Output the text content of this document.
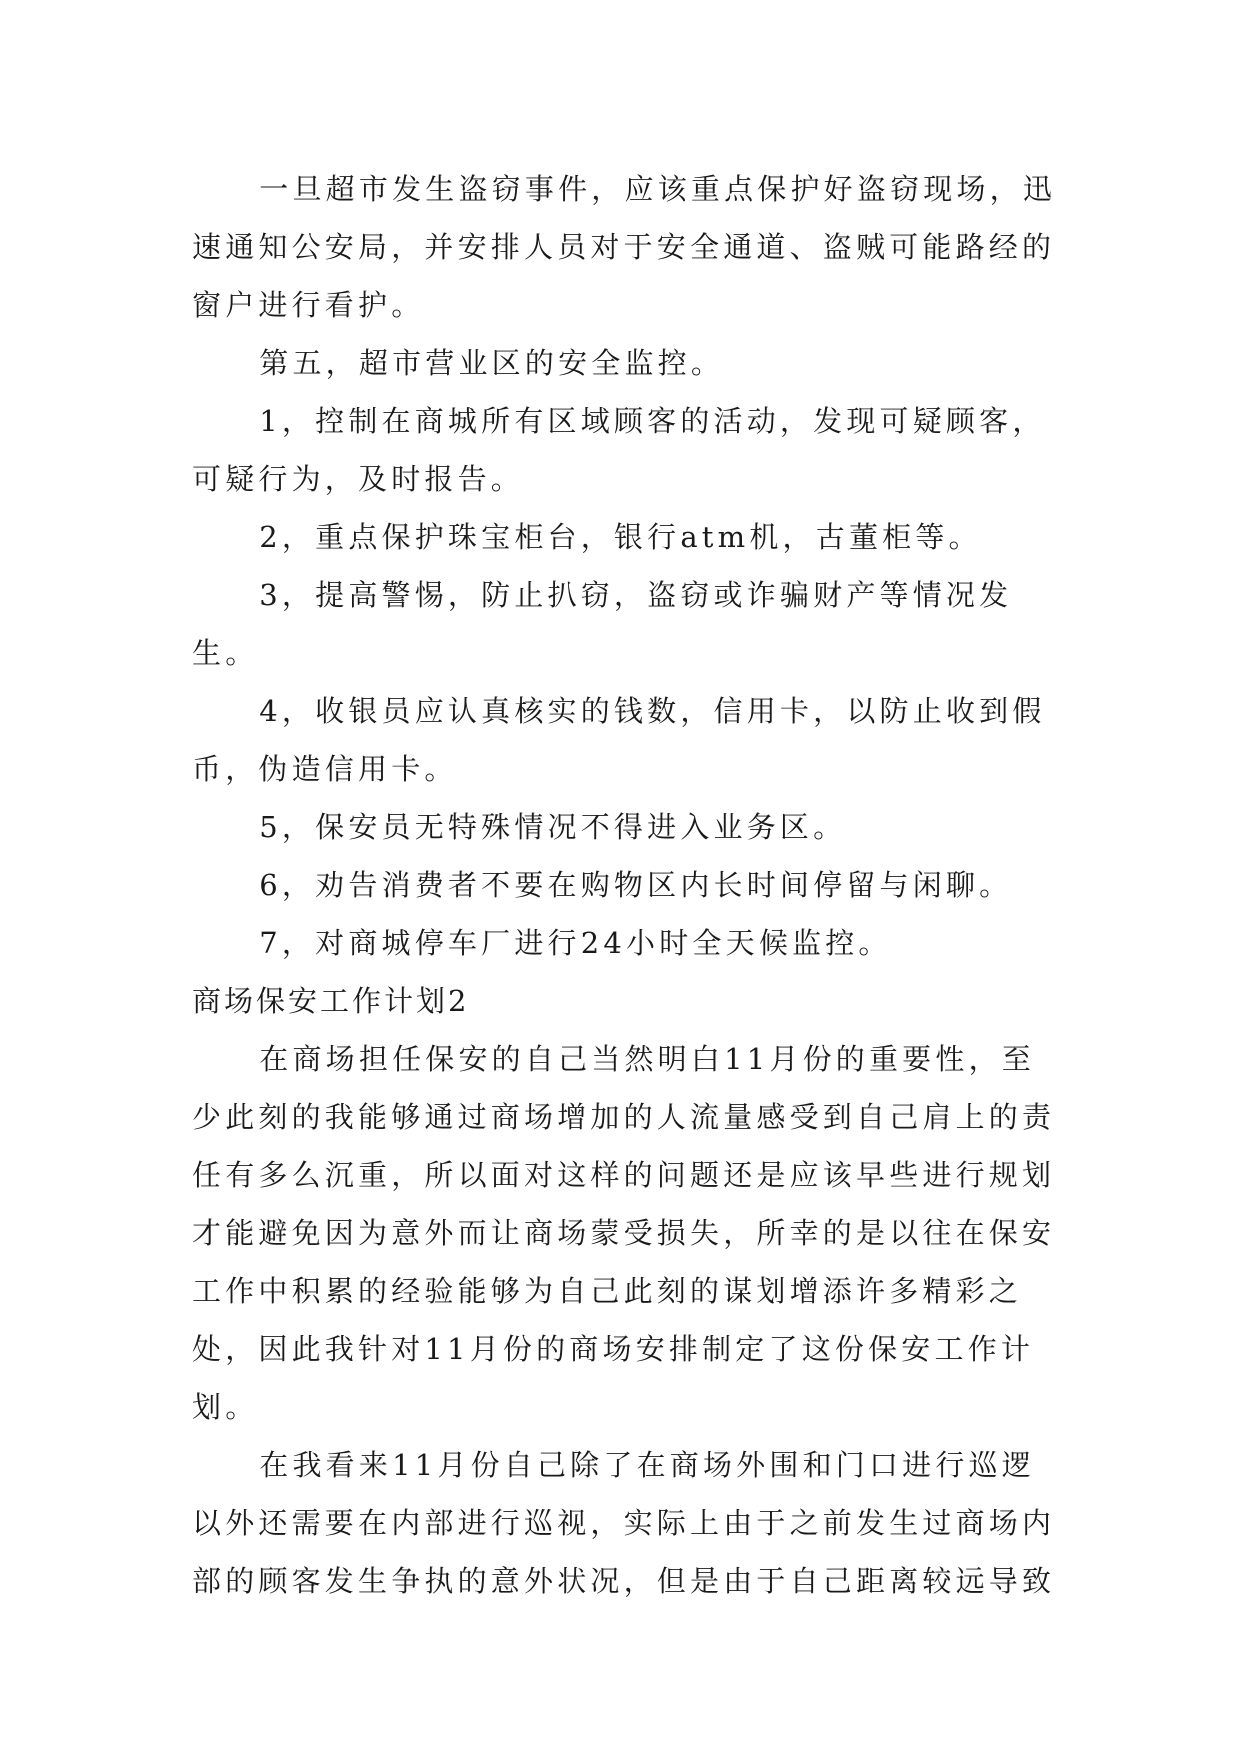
一旦超市发生盗窃事件，应该重点保护好盗窃现场，迅速通知公安局，并安排人员对于安全通道、盗贼可能路经的窗户进行看护。

第五，超市营业区的安全监控。

1，控制在商城所有区域顾客的活动，发现可疑顾客，可疑行为，及时报告。

2，重点保护珠宝柜台，银行atm机，古董柜等。

3，提高警惕，防止扒窃，盗窃或诈骗财产等情况发生。

4，收银员应认真核实的钱数，信用卡，以防止收到假币，伪造信用卡。

5，保安员无特殊情况不得进入业务区。

6，劝告消费者不要在购物区内长时间停留与闲聊。

7，对商城停车厂进行24小时全天候监控。

商场保安工作计划2

在商场担任保安的自己当然明白11月份的重要性，至少此刻的我能够通过商场增加的人流量感受到自己肩上的责任有多么沉重，所以面对这样的问题还是应该早些进行规划才能避免因为意外而让商场蒙受损失，所幸的是以往在保安工作中积累的经验能够为自己此刻的谋划增添许多精彩之处，因此我针对11月份的商场安排制定了这份保安工作计划。

在我看来11月份自己除了在商场外围和门口进行巡逻以外还需要在内部进行巡视，实际上由于之前发生过商场内部的顾客发生争执的意外状况，但是由于自己距离较远导致
